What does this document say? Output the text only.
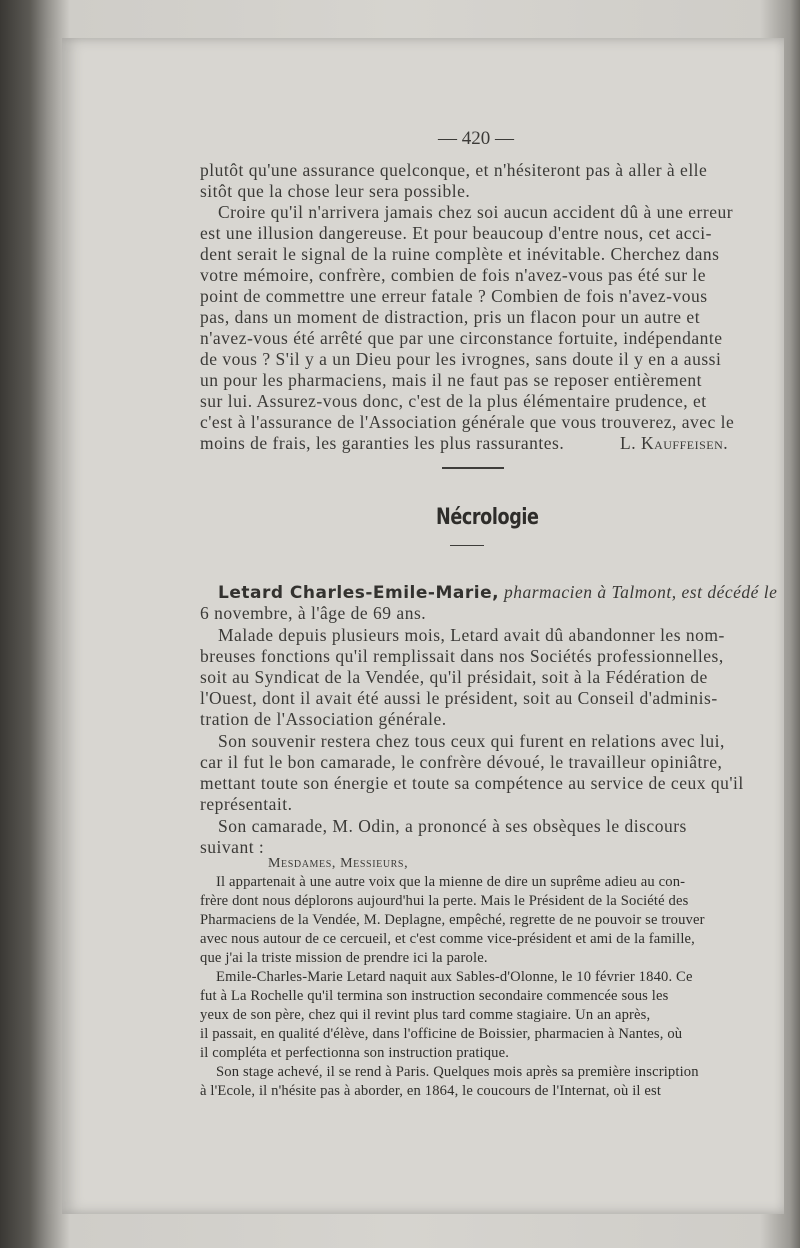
— 420 —
plutôt qu'une assurance quelconque, et n'hésiteront pas à aller à elle
sitôt que la chose leur sera possible.
Croire qu'il n'arrivera jamais chez soi aucun accident dû à une erreur
est une illusion dangereuse. Et pour beaucoup d'entre nous, cet acci-
dent serait le signal de la ruine complète et inévitable. Cherchez dans
votre mémoire, confrère, combien de fois n'avez-vous pas été sur le
point de commettre une erreur fatale ? Combien de fois n'avez-vous
pas, dans un moment de distraction, pris un flacon pour un autre et
n'avez-vous été arrêté que par une circonstance fortuite, indépendante
de vous ? S'il y a un Dieu pour les ivrognes, sans doute il y en a aussi
un pour les pharmaciens, mais il ne faut pas se reposer entièrement
sur lui. Assurez-vous donc, c'est de la plus élémentaire prudence, et
c'est à l'assurance de l'Association générale que vous trouverez, avec le
moins de frais, les garanties les plus rassurantes.	L. Kauffeisen.
Nécrologie
Letard Charles-Emile-Marie, pharmacien à Talmont, est décédé le
6 novembre, à l'âge de 69 ans.
Malade depuis plusieurs mois, Letard avait dû abandonner les nom-
breuses fonctions qu'il remplissait dans nos Sociétés professionnelles,
soit au Syndicat de la Vendée, qu'il présidait, soit à la Fédération de
l'Ouest, dont il avait été aussi le président, soit au Conseil d'adminis-
tration de l'Association générale.
Son souvenir restera chez tous ceux qui furent en relations avec lui,
car il fut le bon camarade, le confrère dévoué, le travailleur opiniâtre,
mettant toute son énergie et toute sa compétence au service de ceux qu'il
représentait.
Son camarade, M. Odin, a prononcé à ses obsèques le discours
suivant :
Mesdames, Messieurs,
Il appartenait à une autre voix que la mienne de dire un suprême adieu au con-
frère dont nous déplorons aujourd'hui la perte. Mais le Président de la Société des
Pharmaciens de la Vendée, M. Deplagne, empêché, regrette de ne pouvoir se trouver
avec nous autour de ce cercueil, et c'est comme vice-président et ami de la famille,
que j'ai la triste mission de prendre ici la parole.
Emile-Charles-Marie Letard naquit aux Sables-d'Olonne, le 10 février 1840. Ce
fut à La Rochelle qu'il termina son instruction secondaire commencée sous les
yeux de son père, chez qui il revint plus tard comme stagiaire. Un an après,
il passait, en qualité d'élève, dans l'officine de Boissier, pharmacien à Nantes, où
il compléta et perfectionna son instruction pratique.
Son stage achevé, il se rend à Paris. Quelques mois après sa première inscription
à l'Ecole, il n'hésite pas à aborder, en 1864, le coucours de l'Internat, où il est
